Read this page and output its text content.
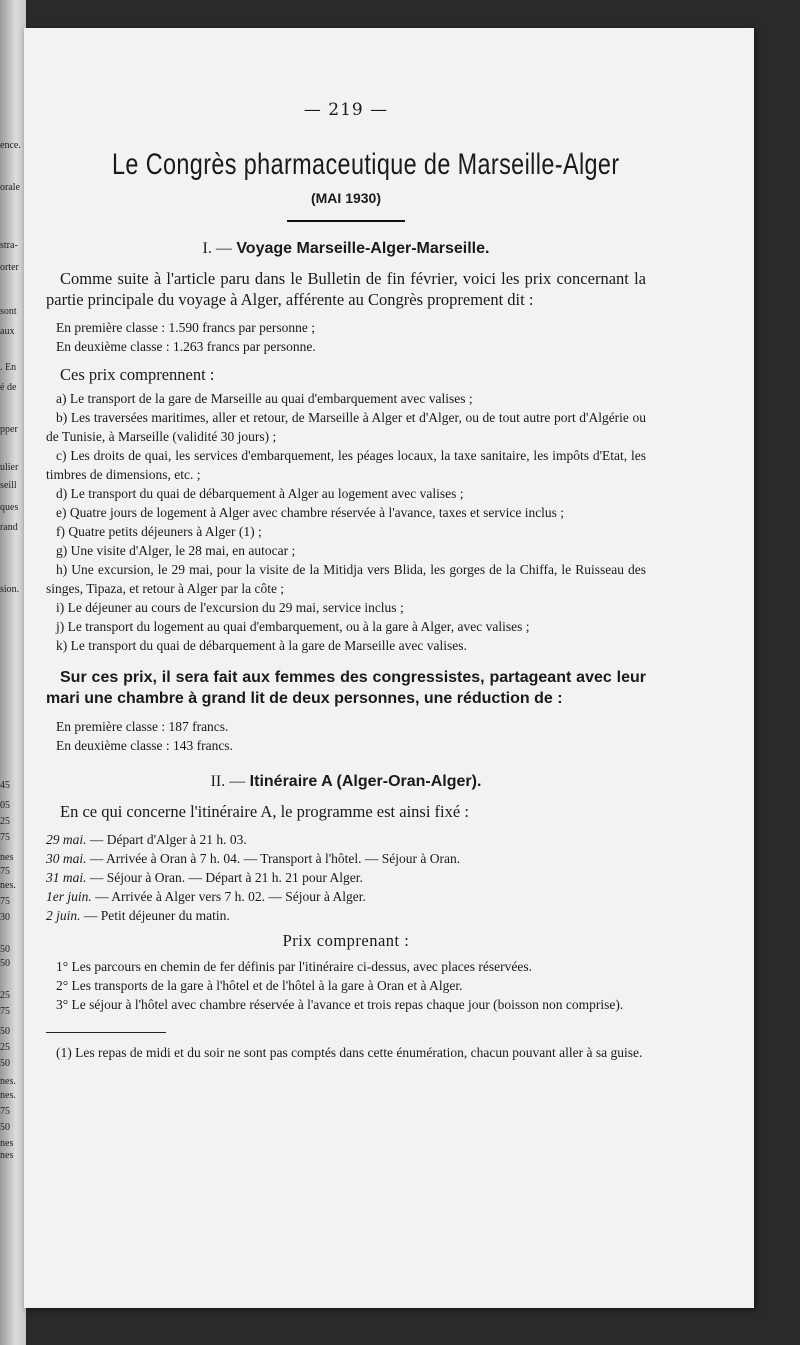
ence.
orale
stra-
orter
sont
aux
. En
é de
pper
ulier
seill
ques
rand
sion.
45
05
25
75
nes
75
nes.
75
30
50
50
25
75
50
25
50
nes.
nes.
75
50
nes
nes
— 219 —
Le Congrès pharmaceutique de Marseille-Alger
(MAI 1930)
I. — Voyage Marseille-Alger-Marseille.

Comme suite à l'article paru dans le Bulletin de fin février, voici les prix concernant la partie principale du voyage à Alger, afférente au Congrès proprement dit :

En première classe : 1.590 francs par personne ;

En deuxième classe : 1.263 francs par personne.

Ces prix comprennent :

a) Le transport de la gare de Marseille au quai d'embarquement avec valises ;

b) Les traversées maritimes, aller et retour, de Marseille à Alger et d'Alger, ou de tout autre port d'Algérie ou de Tunisie, à Marseille (validité 30 jours) ;

c) Les droits de quai, les services d'embarquement, les péages locaux, la taxe sanitaire, les impôts d'Etat, les timbres de dimensions, etc. ;

d) Le transport du quai de débarquement à Alger au logement avec valises ;

e) Quatre jours de logement à Alger avec chambre réservée à l'avance, taxes et service inclus ;

f) Quatre petits déjeuners à Alger (1) ;

g) Une visite d'Alger, le 28 mai, en autocar ;

h) Une excursion, le 29 mai, pour la visite de la Mitidja vers Blida, les gorges de la Chiffa, le Ruisseau des singes, Tipaza, et retour à Alger par la côte ;

i) Le déjeuner au cours de l'excursion du 29 mai, service inclus ;

j) Le transport du logement au quai d'embarquement, ou à la gare à Alger, avec valises ;

k) Le transport du quai de débarquement à la gare de Marseille avec valises.

Sur ces prix, il sera fait aux femmes des congressistes, partageant avec leur mari une chambre à grand lit de deux personnes, une réduction de :

En première classe : 187 francs.

En deuxième classe : 143 francs.

II. — Itinéraire A (Alger-Oran-Alger).

En ce qui concerne l'itinéraire A, le programme est ainsi fixé :

29 mai. — Départ d'Alger à 21 h. 03.

30 mai. — Arrivée à Oran à 7 h. 04. — Transport à l'hôtel. — Séjour à Oran.

31 mai. — Séjour à Oran. — Départ à 21 h. 21 pour Alger.

1er juin. — Arrivée à Alger vers 7 h. 02. — Séjour à Alger.

2 juin. — Petit déjeuner du matin.

Prix comprenant :

1° Les parcours en chemin de fer définis par l'itinéraire ci-dessus, avec places réservées.

2° Les transports de la gare à l'hôtel et de l'hôtel à la gare à Oran et à Alger.

3° Le séjour à l'hôtel avec chambre réservée à l'avance et trois repas chaque jour (boisson non comprise).

(1) Les repas de midi et du soir ne sont pas comptés dans cette énumération, chacun pouvant aller à sa guise.
